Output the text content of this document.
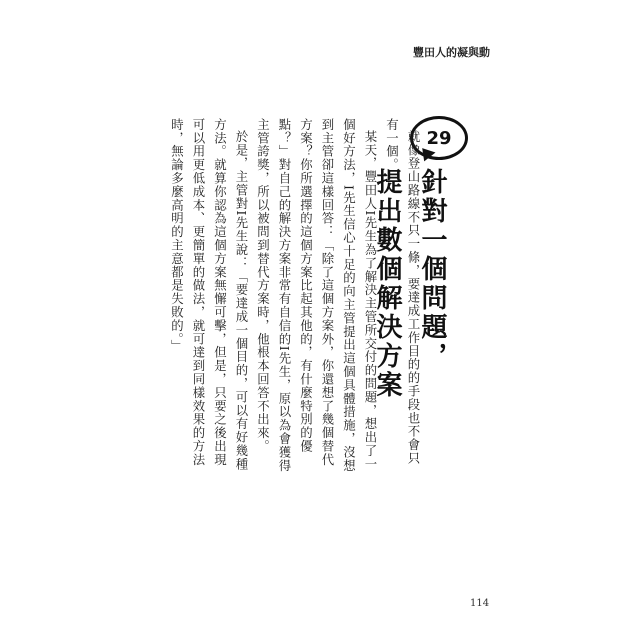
豐田人的凝與動
29
針對一個問題，
提出數個解決方案 就像登山路線不只一條，要達成工作目的的手段也不會只有一個。

某天，豐田人I先生為了解決主管所交付的問題，想出了一個好方法，I先生信心十足的向主管提出這個具體措施，沒想到主管卻這樣回答：「除了這個方案外，你還想了幾個替代方案？你所選擇的這個方案比起其他的，有什麼特別的優點？」對自己的解決方案非常有自信的I先生，原以為會獲得主管誇獎，所以被問到替代方案時，他根本回答不出來。

於是，主管對I先生說：「要達成一個目的，可以有好幾種方法。就算你認為這個方案無懈可擊，但是，只要之後出現可以用更低成本、更簡單的做法，就可達到同樣效果的方法時，無論多麼高明的主意都是失敗的。」

114
